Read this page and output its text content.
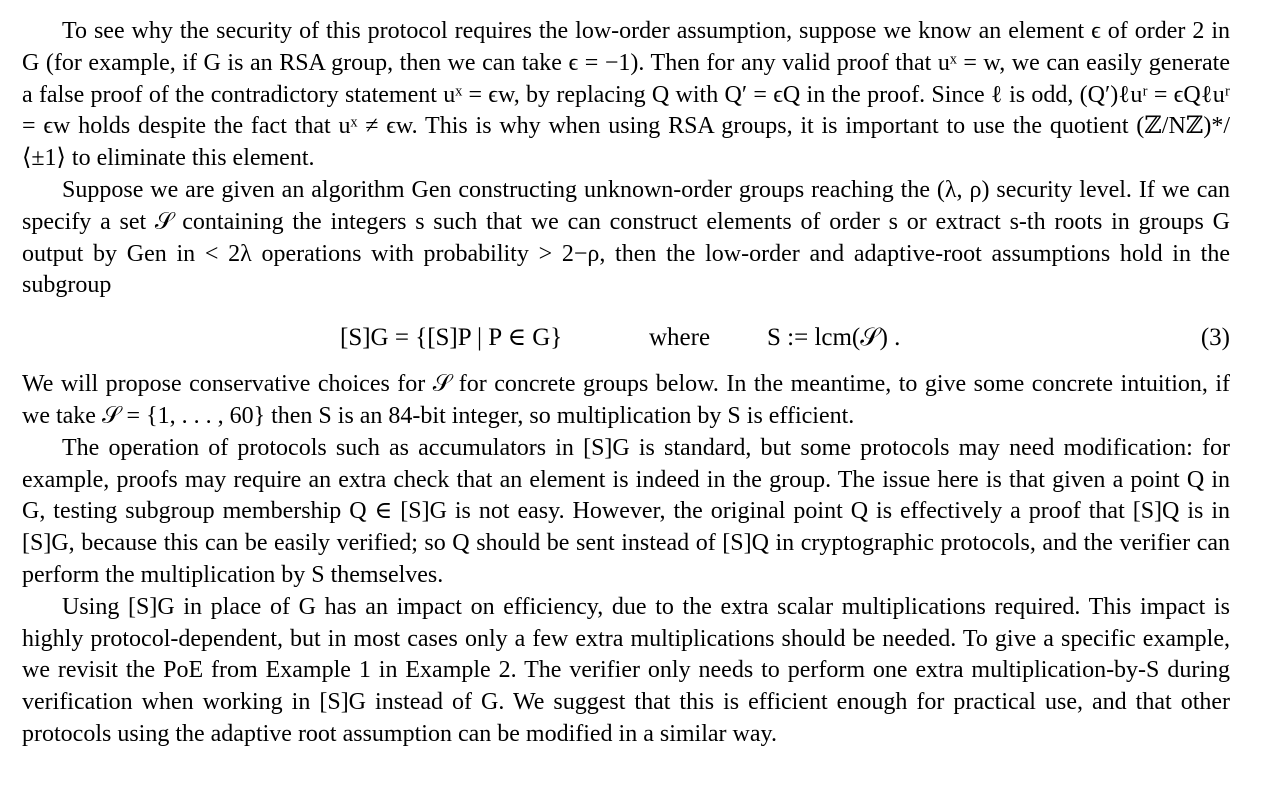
To see why the security of this protocol requires the low-order assumption, suppose we know an element ϵ of order 2 in G (for example, if G is an RSA group, then we can take ϵ = −1). Then for any valid proof that uˣ = w, we can easily generate a false proof of the contradictory statement uˣ = ϵw, by replacing Q with Q′ = ϵQ in the proof. Since ℓ is odd, (Q′)ℓuʳ = ϵQℓuʳ = ϵw holds despite the fact that uˣ ≠ ϵw. This is why when using RSA groups, it is important to use the quotient (ℤ/Nℤ)*/⟨±1⟩ to eliminate this element.

Suppose we are given an algorithm Gen constructing unknown-order groups reaching the (λ, ρ) security level. If we can specify a set 𝒮 containing the integers s such that we can construct elements of order s or extract s-th roots in groups G output by Gen in < 2λ operations with probability > 2−ρ, then the low-order and adaptive-root assumptions hold in the subgroup

[S]G = {[S]P | P ∈ G}	where S := lcm(𝒮) .	(3)

We will propose conservative choices for 𝒮 for concrete groups below. In the meantime, to give some concrete intuition, if we take 𝒮 = {1, . . . , 60} then S is an 84-bit integer, so multiplication by S is efficient.

The operation of protocols such as accumulators in [S]G is standard, but some protocols may need modification: for example, proofs may require an extra check that an element is indeed in the group. The issue here is that given a point Q in G, testing subgroup membership Q ∈ [S]G is not easy. However, the original point Q is effectively a proof that [S]Q is in [S]G, because this can be easily verified; so Q should be sent instead of [S]Q in cryptographic protocols, and the verifier can perform the multiplication by S themselves.

Using [S]G in place of G has an impact on efficiency, due to the extra scalar multiplications required. This impact is highly protocol-dependent, but in most cases only a few extra multiplications should be needed. To give a specific example, we revisit the PoE from Example 1 in Example 2. The verifier only needs to perform one extra multiplication-by-S during verification when working in [S]G instead of G. We suggest that this is efficient enough for practical use, and that other protocols using the adaptive root assumption can be modified in a similar way.
